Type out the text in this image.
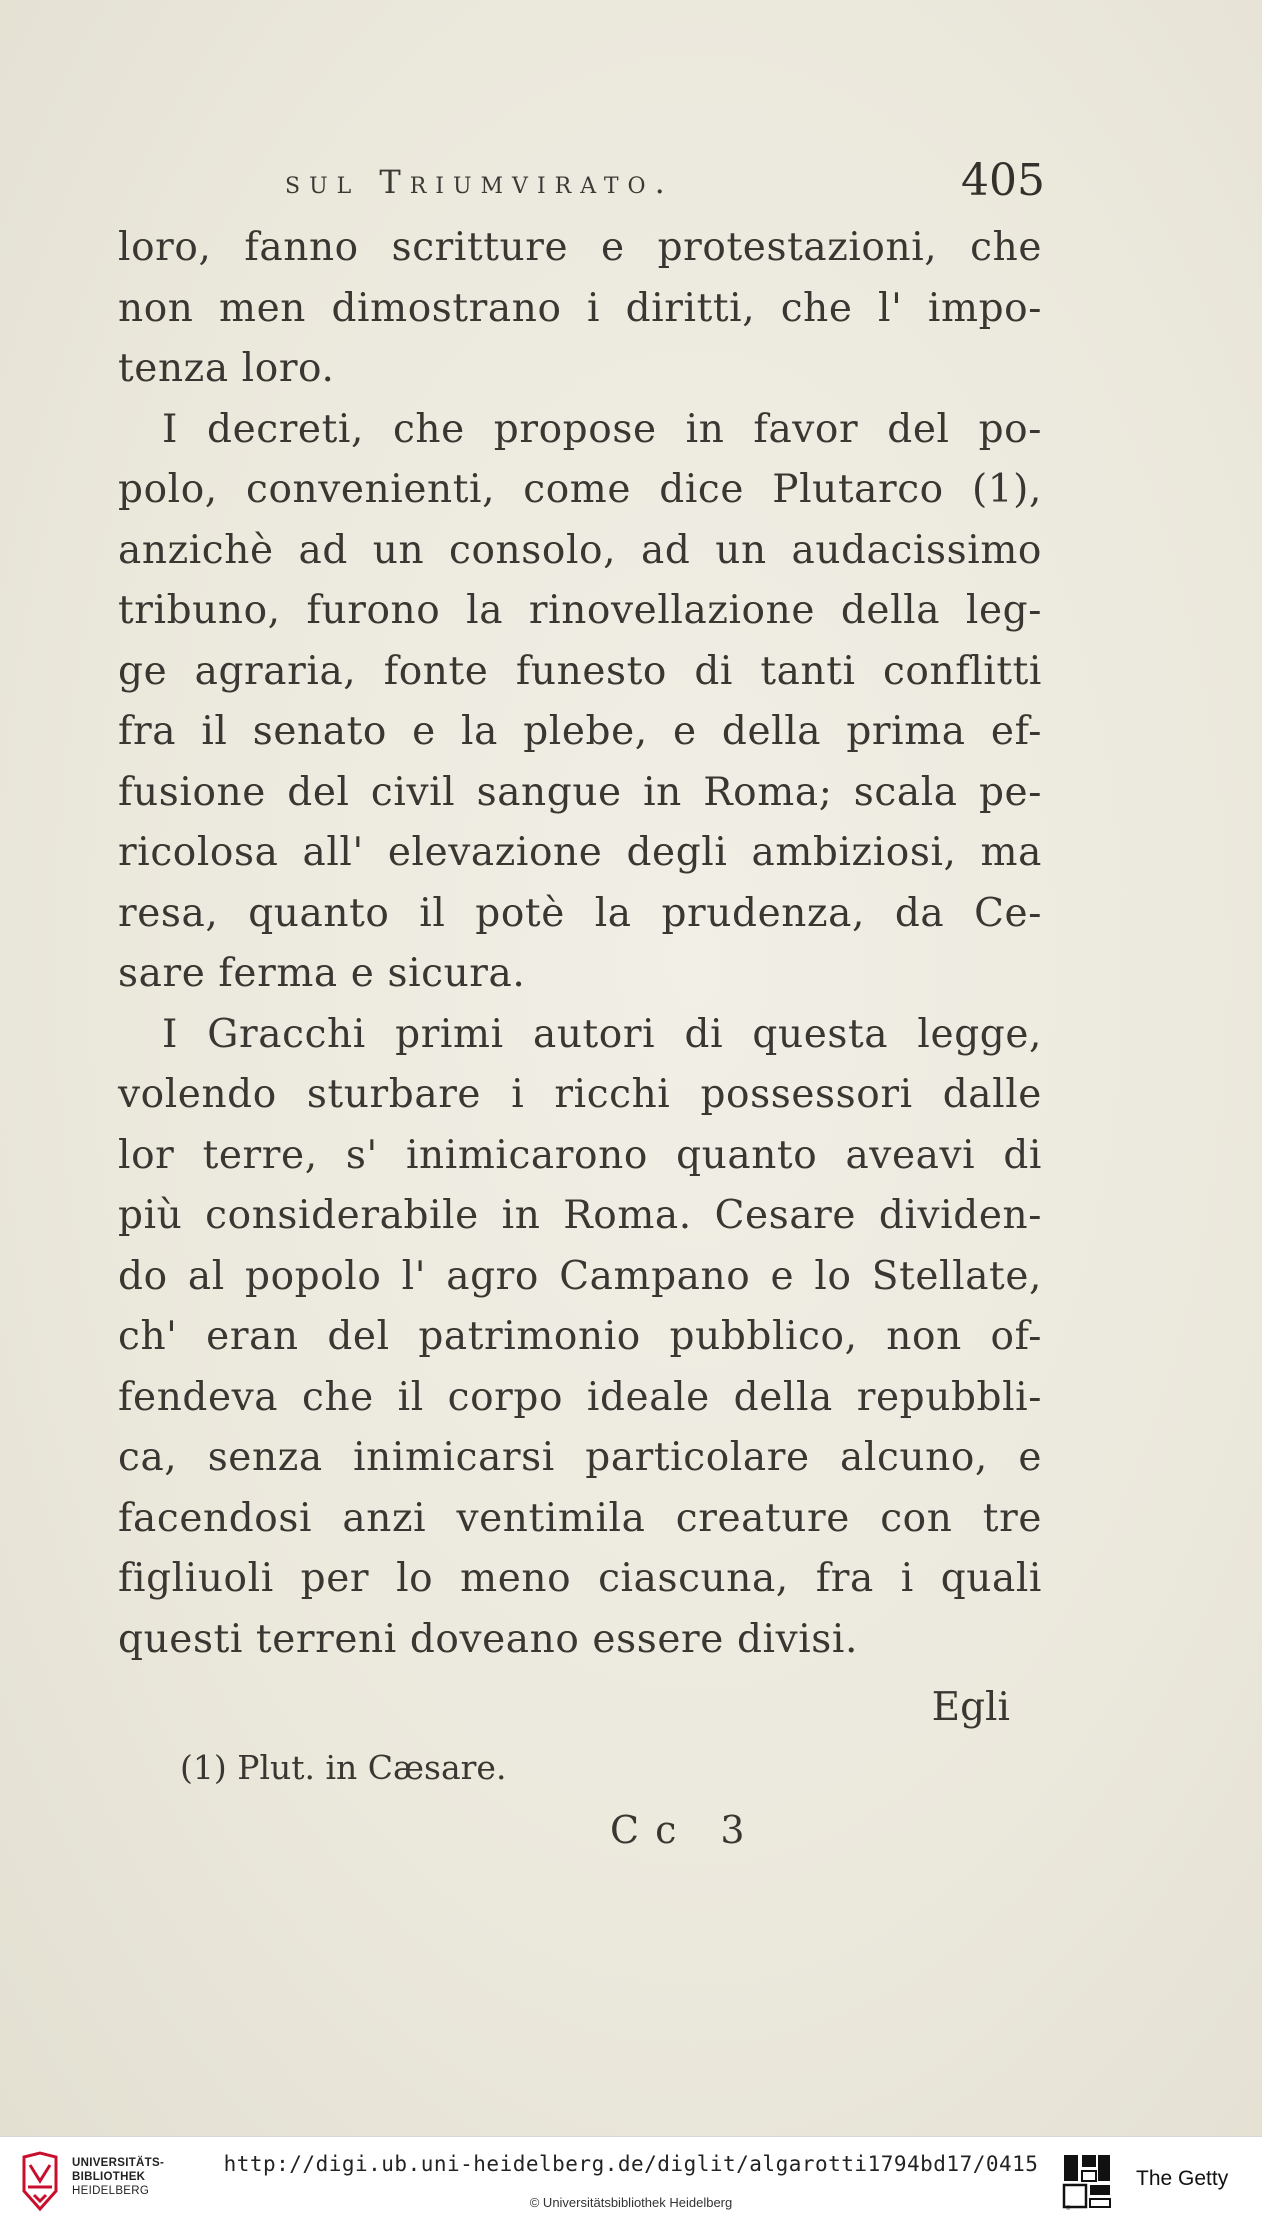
sul Triumvirato.	405
loro, fanno scritture e protestazioni, che
non men dimostrano i diritti, che l' impo-
tenza loro.
I decreti, che propose in favor del po-
polo, convenienti, come dice Plutarco (1),
anzichè ad un consolo, ad un audacissimo
tribuno, furono la rinovellazione della leg-
ge agraria, fonte funesto di tanti conflitti
fra il senato e la plebe, e della prima ef-
fusione del civil sangue in Roma; scala pe-
ricolosa all' elevazione degli ambiziosi, ma
resa, quanto il potè la prudenza, da Ce-
sare ferma e sicura.
I Gracchi primi autori di questa legge,
volendo sturbare i ricchi possessori dalle
lor terre, s' inimicarono quanto aveavi di
più considerabile in Roma. Cesare dividen-
do al popolo l' agro Campano e lo Stellate,
ch' eran del patrimonio pubblico, non of-
fendeva che il corpo ideale della repubbli-
ca, senza inimicarsi particolare alcuno, e
facendosi anzi ventimila creature con tre
figliuoli per lo meno ciascuna, fra i quali
questi terreni doveano essere divisi.
Egli
(1) Plut. in Cæsare.
Cc 3
UNIVERSITÄTS-
BIBLIOTHEK
HEIDELBERG
http://digi.ub.uni-heidelberg.de/diglit/algarotti1794bd17/0415
© Universitätsbibliothek Heidelberg	®
The Getty
